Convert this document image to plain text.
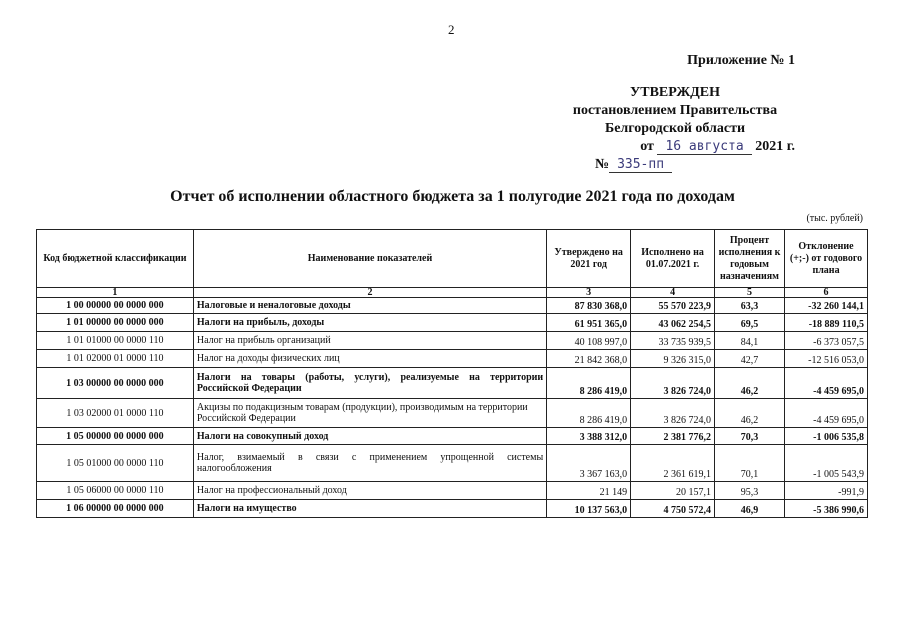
2
Приложение № 1
УТВЕРЖДЕН
постановлением Правительства
Белгородской области
от 16 августа 2021 г.
№ 335-пп
Отчет об исполнении областного бюджета за 1 полугодие 2021 года по доходам
(тыс. рублей)
Код бюджетной классификации	Наименование показателей	Утверждено на 2021 год	Исполнено на 01.07.2021 г.	Процент исполнения к годовым назначениям	Отклонение (+;-) от годового плана
1	2	3	4	5	6
1 00 00000 00 0000 000	Налоговые и неналоговые доходы	87 830 368,0	55 570 223,9	63,3	-32 260 144,1
1 01 00000 00 0000 000	Налоги на прибыль, доходы	61 951 365,0	43 062 254,5	69,5	-18 889 110,5
1 01 01000 00 0000 110	Налог на прибыль организаций	40 108 997,0	33 735 939,5	84,1	-6 373 057,5
1 01 02000 01 0000 110	Налог на доходы физических лиц	21 842 368,0	9 326 315,0	42,7	-12 516 053,0
1 03 00000 00 0000 000	Налоги на товары (работы, услуги), реализуемые на территории Российской Федерации	8 286 419,0	3 826 724,0	46,2	-4 459 695,0
1 03 02000 01 0000 110	Акцизы по подакцизным товарам (продукции), производимым на территории Российской Федерации	8 286 419,0	3 826 724,0	46,2	-4 459 695,0
1 05 00000 00 0000 000	Налоги на совокупный доход	3 388 312,0	2 381 776,2	70,3	-1 006 535,8
1 05 01000 00 0000 110	Налог, взимаемый в связи с применением упрощенной системы налогообложения	3 367 163,0	2 361 619,1	70,1	-1 005 543,9
1 05 06000 00 0000 110	Налог на профессиональный доход	21 149	20 157,1	95,3	-991,9
1 06 00000 00 0000 000	Налоги на имущество	10 137 563,0	4 750 572,4	46,9	-5 386 990,6
